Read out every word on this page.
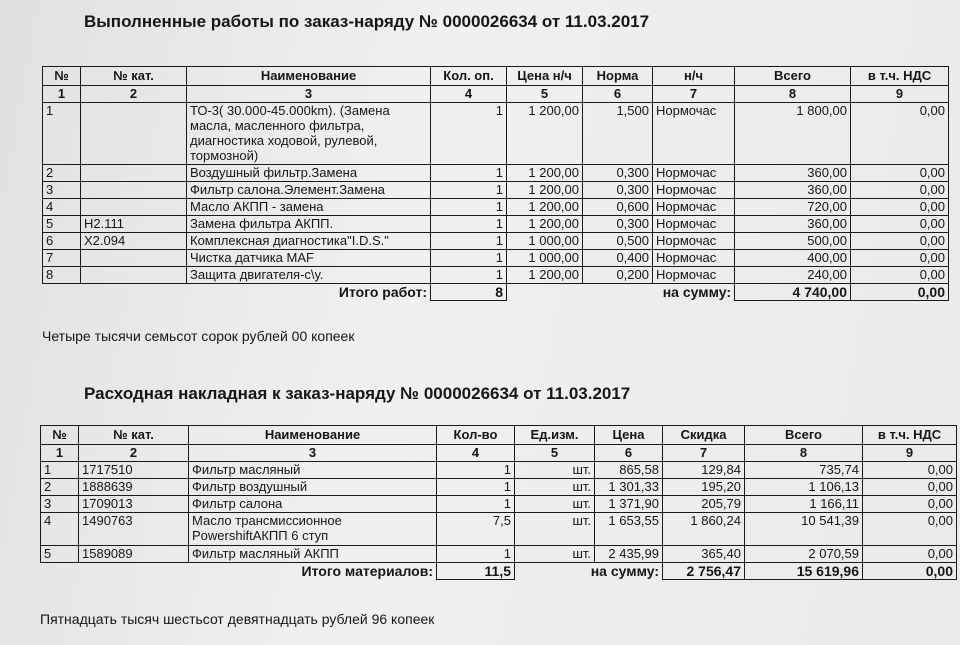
Выполненные работы по заказ-наряду № 0000026634 от 11.03.2017
№	№ кат.	Наименование	Кол. оп.	Цена н/ч	Норма	н/ч	Всего	в т.ч. НДС
1	2	3	4	5	6	7	8	9
1		ТО-3( 30.000-45.000km). (Замена масла, масленного фильтра, диагностика ходовой, рулевой, тормозной)	1	1 200,00	1,500	Нормочас	1 800,00	0,00
2		Воздушный фильтр.Замена	1	1 200,00	0,300	Нормочас	360,00	0,00
3		Фильтр салона.Элемент.Замена	1	1 200,00	0,300	Нормочас	360,00	0,00
4		Масло АКПП - замена	1	1 200,00	0,600	Нормочас	720,00	0,00
5	H2.111	Замена фильтра АКПП.	1	1 200,00	0,300	Нормочас	360,00	0,00
6	X2.094	Комплексная диагностика"I.D.S."	1	1 000,00	0,500	Нормочас	500,00	0,00
7		Чистка датчика MAF	1	1 000,00	0,400	Нормочас	400,00	0,00
8		Защита двигателя-с\у.	1	1 200,00	0,200	Нормочас	240,00	0,00
Итого работ:			8	на сумму:			4 740,00	0,00
Четыре тысячи семьсот сорок рублей 00 копеек
Расходная накладная к заказ-наряду № 0000026634 от 11.03.2017
№	№ кат.	Наименование	Кол-во	Ед.изм.	Цена	Скидка	Всего	в т.ч. НДС
1	2	3	4	5	6	7	8	9
1	1717510	Фильтр масляный	1	шт.	865,58	129,84	735,74	0,00
2	1888639	Фильтр воздушный	1	шт.	1 301,33	195,20	1 106,13	0,00
3	1709013	Фильтр салона	1	шт.	1 371,90	205,79	1 166,11	0,00
4	1490763	Масло трансмиссионное PowershiftАКПП 6 ступ	7,5	шт.	1 653,55	1 860,24	10 541,39	0,00
5	1589089	Фильтр масляный АКПП	1	шт.	2 435,99	365,40	2 070,59	0,00
Итого материалов:			11,5	на сумму:		2 756,47	15 619,96	0,00
Пятнадцать тысяч шестьсот девятнадцать рублей 96 копеек
